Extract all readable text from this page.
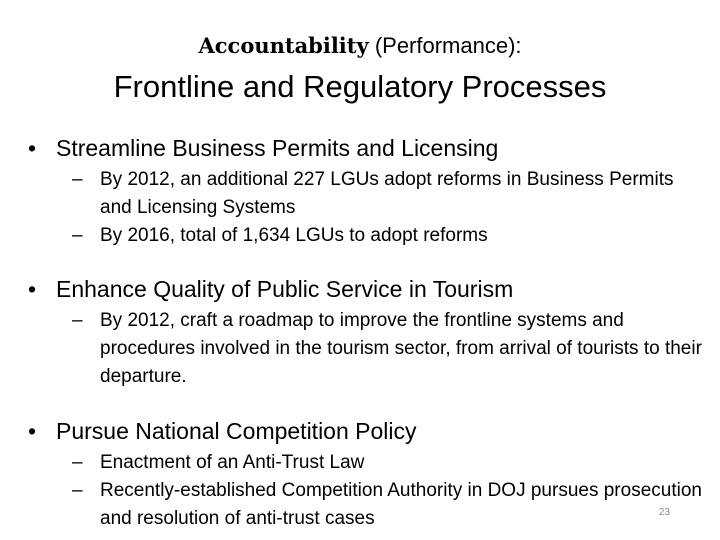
Accountability (Performance):
Frontline and Regulatory Processes
• Streamline Business Permits and Licensing
– By 2012, an additional 227 LGUs adopt reforms in Business Permits and Licensing Systems
– By 2016, total of 1,634 LGUs to adopt reforms
• Enhance Quality of Public Service in Tourism
– By 2012, craft a roadmap to improve the frontline systems and procedures involved in the tourism sector, from arrival of tourists to their departure.
• Pursue National Competition Policy
– Enactment of an Anti-Trust Law
– Recently-established Competition Authority in DOJ pursues prosecution and resolution of anti-trust cases	23
